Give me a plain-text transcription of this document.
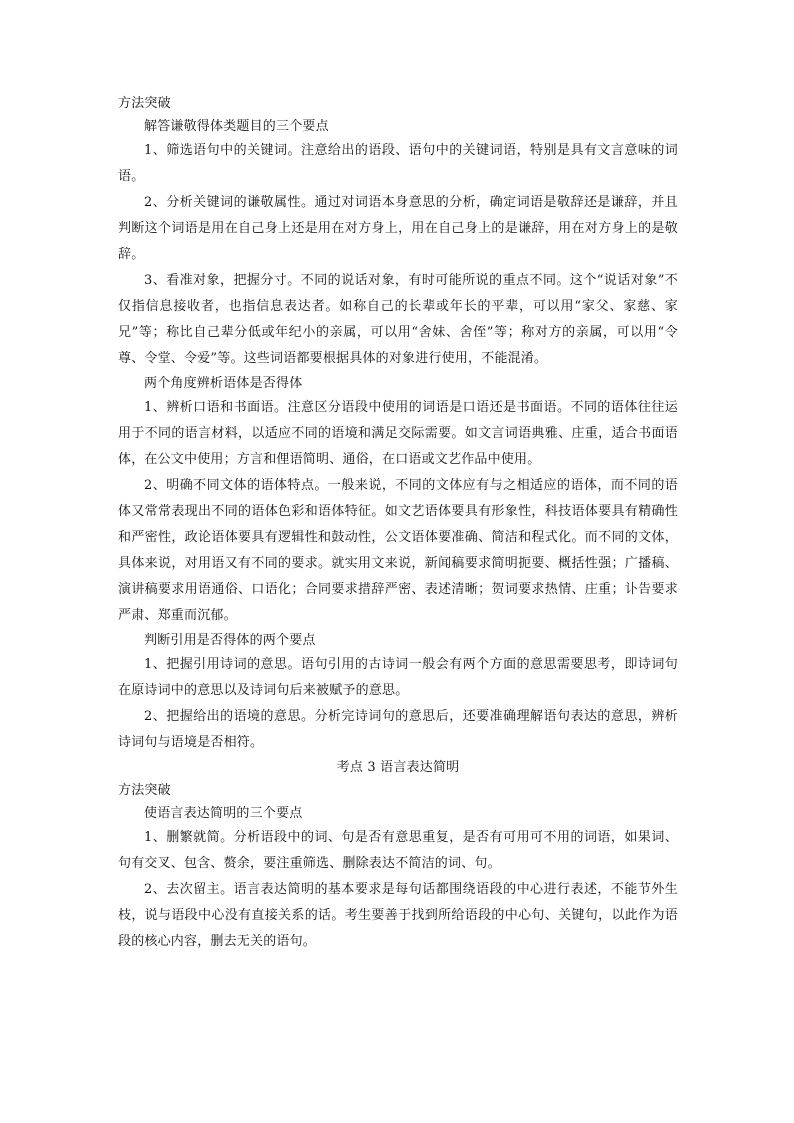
方法突破

解答谦敬得体类题目的三个要点

1、筛选语句中的关键词。注意给出的语段、语句中的关键词语，特别是具有文言意味的词语。

2、分析关键词的谦敬属性。通过对词语本身意思的分析，确定词语是敬辞还是谦辞，并且判断这个词语是用在自己身上还是用在对方身上，用在自己身上的是谦辞，用在对方身上的是敬辞。

3、看准对象，把握分寸。不同的说话对象，有时可能所说的重点不同。这个“说话对象”不仅指信息接收者，也指信息表达者。如称自己的长辈或年长的平辈，可以用“家父、家慈、家兄”等；称比自己辈分低或年纪小的亲属，可以用“舍妹、舍侄”等；称对方的亲属，可以用“令尊、令堂、令爱”等。这些词语都要根据具体的对象进行使用，不能混淆。

两个角度辨析语体是否得体

1、辨析口语和书面语。注意区分语段中使用的词语是口语还是书面语。不同的语体往往运用于不同的语言材料，以适应不同的语境和满足交际需要。如文言词语典雅、庄重，适合书面语体，在公文中使用；方言和俚语简明、通俗，在口语或文艺作品中使用。

2、明确不同文体的语体特点。一般来说，不同的文体应有与之相适应的语体，而不同的语体又常常表现出不同的语体色彩和语体特征。如文艺语体要具有形象性，科技语体要具有精确性和严密性，政论语体要具有逻辑性和鼓动性，公文语体要准确、简洁和程式化。而不同的文体，具体来说，对用语又有不同的要求。就实用文来说，新闻稿要求简明扼要、概括性强；广播稿、演讲稿要求用语通俗、口语化；合同要求措辞严密、表述清晰；贺词要求热情、庄重；讣告要求严肃、郑重而沉郁。

判断引用是否得体的两个要点

1、把握引用诗词的意思。语句引用的古诗词一般会有两个方面的意思需要思考，即诗词句在原诗词中的意思以及诗词句后来被赋予的意思。

2、把握给出的语境的意思。分析完诗词句的意思后，还要准确理解语句表达的意思，辨析诗词句与语境是否相符。

考点 3 语言表达简明

方法突破

使语言表达简明的三个要点

1、删繁就简。分析语段中的词、句是否有意思重复，是否有可用可不用的词语，如果词、句有交叉、包含、赘余，要注重筛选、删除表达不简洁的词、句。

2、去次留主。语言表达简明的基本要求是每句话都围绕语段的中心进行表述，不能节外生枝，说与语段中心没有直接关系的话。考生要善于找到所给语段的中心句、关键句，以此作为语段的核心内容，删去无关的语句。
